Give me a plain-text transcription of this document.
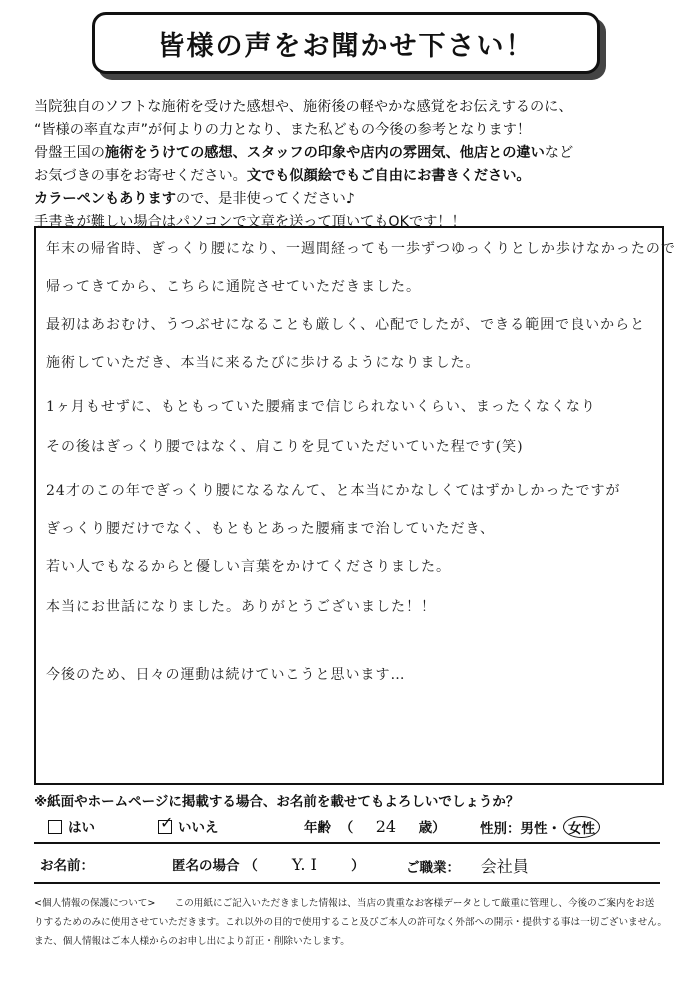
皆様の声をお聞かせ下さい！
当院独自のソフトな施術を受けた感想や、施術後の軽やかな感覚をお伝えするのに、
“皆様の率直な声”が何よりの力となり、また私どもの今後の参考となります！
骨盤王国の施術をうけての感想、スタッフの印象や店内の雰囲気、他店との違いなど
お気づきの事をお寄せください。文でも似顔絵でもご自由にお書きください。
カラーペンもありますので、是非使ってください♪
手書きが難しい場合はパソコンで文章を送って頂いてもOKです！！
年末の帰省時、ぎっくり腰になり、一週間経っても一歩ずつゆっくりとしか歩けなかったので
帰ってきてから、こちらに通院させていただきました。
最初はあおむけ、うつぶせになることも厳しく、心配でしたが、できる範囲で良いからと
施術していただき、本当に来るたびに歩けるようになりました。
1ヶ月もせずに、もともっていた腰痛まで信じられないくらい、まったくなくなり
その後はぎっくり腰ではなく、肩こりを見ていただいていた程です(笑)
24才のこの年でぎっくり腰になるなんて、と本当にかなしくてはずかしかったですが
ぎっくり腰だけでなく、もともとあった腰痛まで治していただき、
若い人でもなるからと優しい言葉をかけてくださりました。
本当にお世話になりました。ありがとうございました！！
今後のため、日々の運動は続けていこうと思います…
※紙面やホームページに掲載する場合、お名前を載せてもよろしいでしょうか？
はい	✓ いいえ	年齢 （ 24 歳）	性別：男性・ 女性
お名前：	匿名の場合 （ Y. I	）	ご職業： 会社員
<個人情報の保護について>　　この用紙にご記入いただきました情報は、当店の貴重なお客様データとして厳重に管理し、今後のご案内をお送
りするためのみに使用させていただきます。これ以外の目的で使用すること及びご本人の許可なく外部への開示・提供する事は一切ございません。
また、個人情報はご本人様からのお申し出により訂正・削除いたします。
